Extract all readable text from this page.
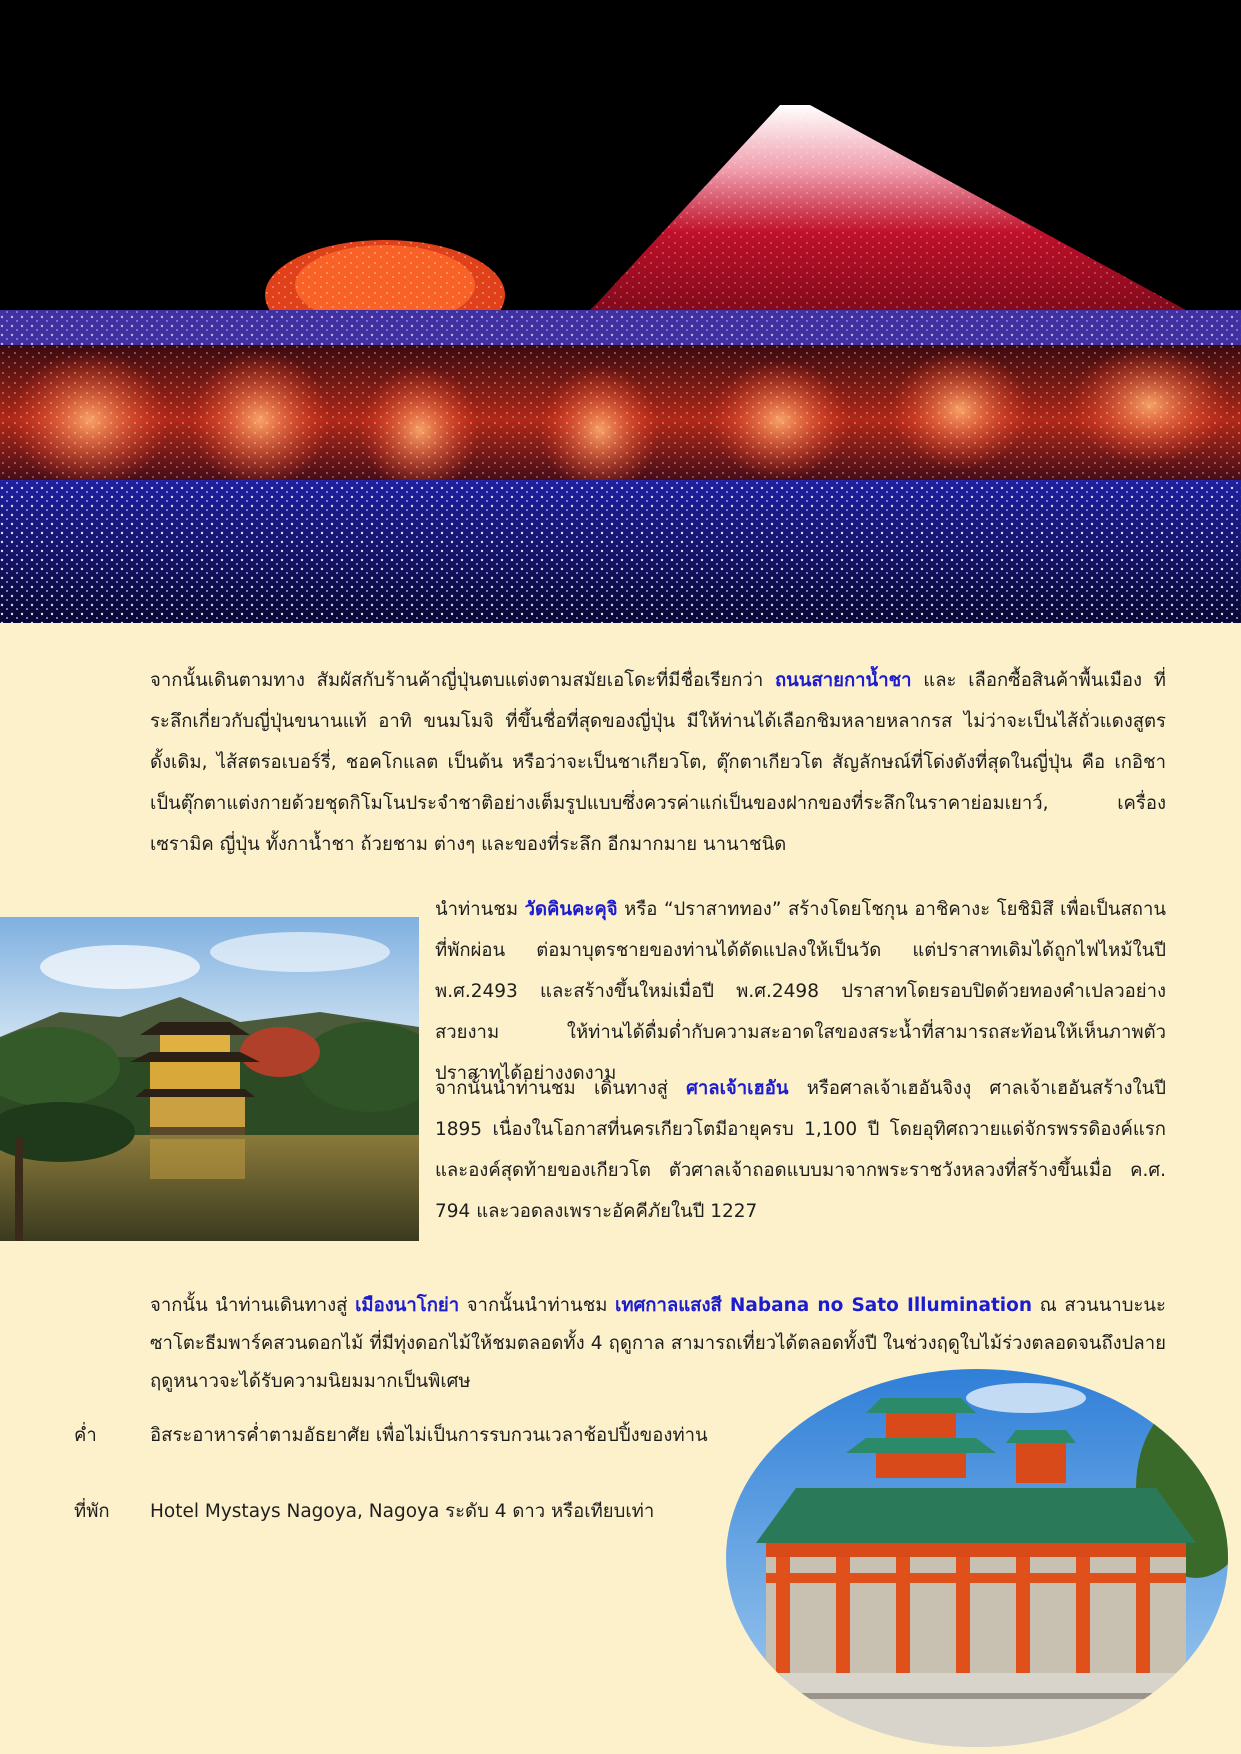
จากนั้นเดินตามทาง สัมผัสกับร้านค้าญี่ปุ่นตบแต่งตามสมัยเอโดะที่มีชื่อเรียกว่า ถนนสายกาน้ำชา และ เลือกซื้อสินค้าพื้นเมือง ที่ระลึกเกี่ยวกับญี่ปุ่นขนานแท้ อาทิ ขนมโมจิ ที่ขึ้นชื่อที่สุดของญี่ปุ่น มีให้ท่านได้เลือกชิมหลายหลากรส ไม่ว่าจะเป็นไส้ถั่วแดงสูตรดั้งเดิม, ไส้สตรอเบอร์รี่, ชอคโกแลต เป็นต้น หรือว่าจะเป็นชาเกียวโต, ตุ๊กตาเกียวโต สัญลักษณ์ที่โด่งดังที่สุดในญี่ปุ่น คือ เกอิชา เป็นตุ๊กตาแต่งกายด้วยชุดกิโมโนประจำชาติอย่างเต็มรูปแบบซึ่งควรค่าแก่เป็นของฝากของที่ระลึกในราคาย่อมเยาว์, เครื่องเซรามิค ญี่ปุ่น ทั้งกาน้ำชา ถ้วยชาม ต่างๆ และของที่ระลึก อีกมากมาย นานาชนิด

นำท่านชม วัดคินคะคุจิ หรือ “ปราสาททอง” สร้างโดยโชกุน อาชิคางะ โยชิมิสึ เพื่อเป็นสถานที่พักผ่อน ต่อมาบุตรชายของท่านได้ดัดแปลงให้เป็นวัด แต่ปราสาทเดิมได้ถูกไฟไหม้ในปี พ.ศ.2493 และสร้างขึ้นใหม่เมื่อปี พ.ศ.2498 ปราสาทโดยรอบปิดด้วยทองคำเปลวอย่างสวยงาม ให้ท่านได้ดื่มด่ำกับความสะอาดใสของสระน้ำที่สามารถสะท้อนให้เห็นภาพตัวปราสาทได้อย่างงดงาม

จากนั้นนำท่านชม เดินทางสู่ ศาลเจ้าเฮอัน หรือศาลเจ้าเฮอันจิงงุ ศาลเจ้าเฮอันสร้างในปี 1895 เนื่องในโอกาสที่นครเกียวโตมีอายุครบ 1,100 ปี โดยอุทิศถวายแด่จักรพรรดิองค์แรกและองค์สุดท้ายของเกียวโต ตัวศาลเจ้าถอดแบบมาจากพระราชวังหลวงที่สร้างขึ้นเมื่อ ค.ศ. 794 และวอดลงเพราะอัคคีภัยในปี 1227

จากนั้น นำท่านเดินทางสู่ เมืองนาโกย่า จากนั้นนำท่านชม เทศกาลแสงสี Nabana no Sato Illumination ณ สวนนาบะนะ ซาโตะธีมพาร์คสวนดอกไม้ ที่มีทุ่งดอกไม้ให้ชมตลอดทั้ง 4 ฤดูกาล สามารถเที่ยวได้ตลอดทั้งปี ในช่วงฤดูใบไม้ร่วงตลอดจนถึงปลายฤดูหนาวจะได้รับความนิยมมากเป็นพิเศษ

ค่ำ	อิสระอาหารค่ำตามอัธยาศัย เพื่อไม่เป็นการรบกวนเวลาช้อปปิ้งของท่าน
ที่พัก Hotel Mystays Nagoya, Nagoya ระดับ 4 ดาว หรือเทียบเท่า
